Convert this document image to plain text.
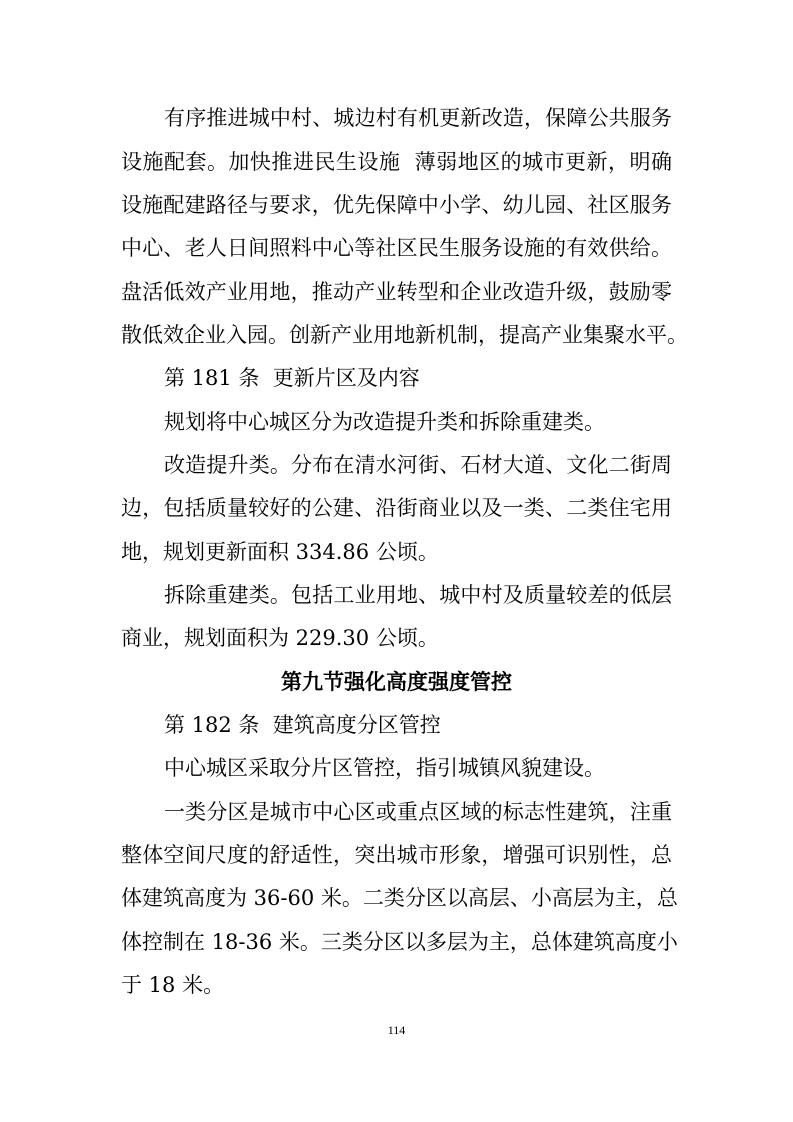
有序推进城中村、城边村有机更新改造，保障公共服务
设施配套。加快推进民生设施  薄弱地区的城市更新，明确
设施配建路径与要求，优先保障中小学、幼儿园、社区服务
中心、老人日间照料中心等社区民生服务设施的有效供给。
盘活低效产业用地，推动产业转型和企业改造升级，鼓励零
散低效企业入园。创新产业用地新机制，提高产业集聚水平。
第 181 条  更新片区及内容
规划将中心城区分为改造提升类和拆除重建类。
改造提升类。分布在清水河街、石材大道、文化二街周
边，包括质量较好的公建、沿街商业以及一类、二类住宅用
地，规划更新面积 334.86 公顷。
拆除重建类。包括工业用地、城中村及质量较差的低层
商业，规划面积为 229.30 公顷。
第九节强化高度强度管控
第 182 条  建筑高度分区管控
中心城区采取分片区管控，指引城镇风貌建设。
一类分区是城市中心区或重点区域的标志性建筑，注重
整体空间尺度的舒适性，突出城市形象，增强可识别性，总
体建筑高度为 36-60 米。二类分区以高层、小高层为主，总
体控制在 18-36 米。三类分区以多层为主，总体建筑高度小
于 18 米。
114
